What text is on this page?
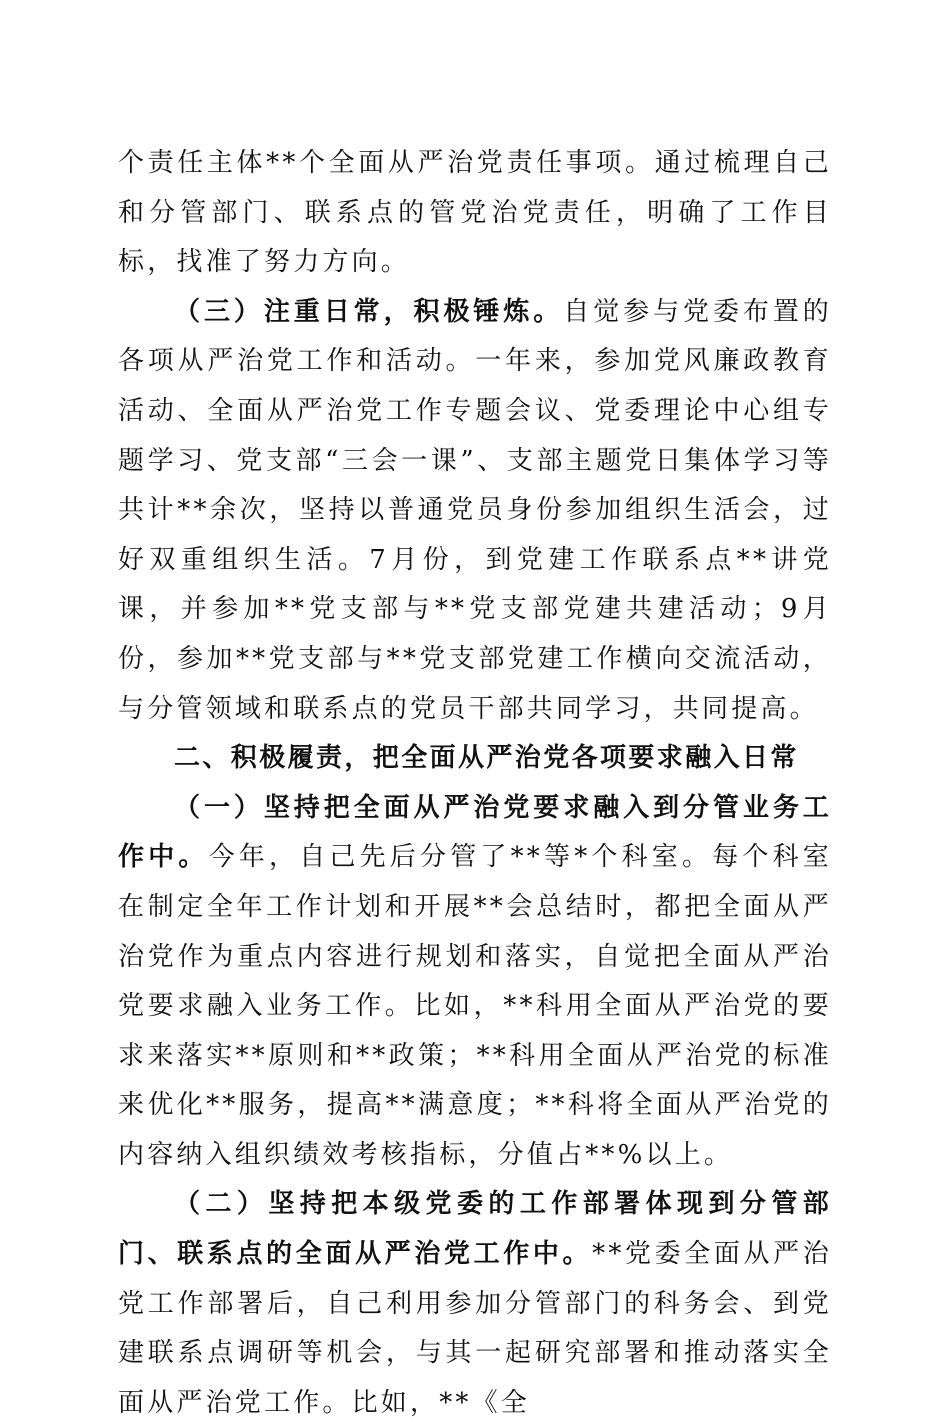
个责任主体**个全面从严治党责任事项。通过梳理自己和分管部门、联系点的管党治党责任，明确了工作目标，找准了努力方向。

（三）注重日常，积极锤炼。自觉参与党委布置的各项从严治党工作和活动。一年来，参加党风廉政教育活动、全面从严治党工作专题会议、党委理论中心组专题学习、党支部“三会一课”、支部主题党日集体学习等共计**余次，坚持以普通党员身份参加组织生活会，过好双重组织生活。7月份，到党建工作联系点**讲党课，并参加**党支部与**党支部党建共建活动；9月份，参加**党支部与**党支部党建工作横向交流活动，与分管领域和联系点的党员干部共同学习，共同提高。

二、积极履责，把全面从严治党各项要求融入日常

（一）坚持把全面从严治党要求融入到分管业务工作中。今年，自己先后分管了**等*个科室。每个科室在制定全年工作计划和开展**会总结时，都把全面从严治党作为重点内容进行规划和落实，自觉把全面从严治党要求融入业务工作。比如，**科用全面从严治党的要求来落实**原则和**政策；**科用全面从严治党的标准来优化**服务，提高**满意度；**科将全面从严治党的内容纳入组织绩效考核指标，分值占**%以上。

（二）坚持把本级党委的工作部署体现到分管部门、联系点的全面从严治党工作中。**党委全面从严治党工作部署后，自己利用参加分管部门的科务会、到党建联系点调研等机会，与其一起研究部署和推动落实全面从严治党工作。比如，**《全
